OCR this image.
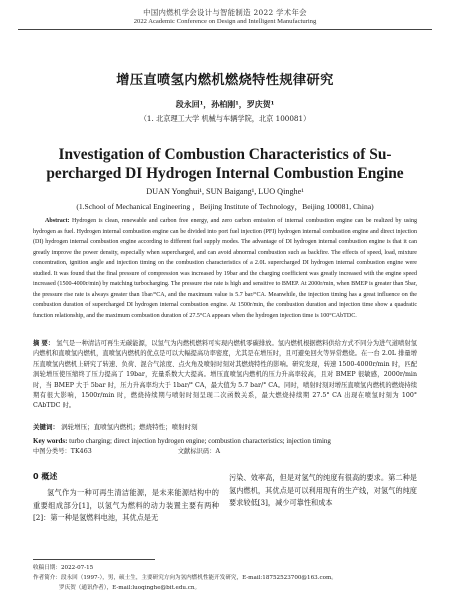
中国内燃机学会设计与智能制造 2022 学术年会
2022 Academic Conference on Design and Intelligent Manufacturing
增压直喷氢内燃机燃烧特性规律研究
段永回¹，孙柏刚¹，罗庆贺¹
（1. 北京理工大学 机械与车辆学院，北京 100081）
Investigation of Combustion Characteristics of Su-
percharged DI Hydrogen Internal Combustion Engine
DUAN Yonghui¹, SUN Baigang¹, LUO Qinghe¹
(1.School of Mechanical Engineering ，Beijing Institute of Technology，Beijing 100081, China)
Abstract: Hydrogen is clean, renewable and carbon free energy, and zero carbon emission of internal combustion engine can be realized by using hydrogen as fuel. Hydrogen internal combustion engine can be divided into port fuel injection (PFI) hydrogen internal combustion engine and direct injection (DI) hydrogen internal combustion engine according to different fuel supply modes. The advantage of DI hydrogen internal combustion engine is that it can greatly improve the power density, especially when supercharged, and can avoid abnormal combustion such as backfire. The effects of speed, load, mixture concentration, ignition angle and injection timing on the combustion characteristics of a 2.0L supercharged DI hydrogen internal combustion engine were studied. It was found that the final pressure of compression was increased by 19bar and the charging coefficient was greatly increased with the engine speed increased (1500-4000r/min) by matching turbocharging. The pressure rise rate is high and sensitive to BMEP. At 2000r/min, when BMEP is greater than 5bar, the pressure rise rate is always greater than 1bar/°CA, and the maximum value is 5.7 bar/°CA. Meanwhile, the injection timing has a great influence on the combustion duration of supercharged DI hydrogen internal combustion engine. At 1500r/min, the combustion duration and injection time show a quadratic function relationship, and the maximum combustion duration of 27.5°CA appears when the hydrogen injection time is 100°CAbTDC.
摘 要： 氢气是一种清洁可再生无碳能源，以氢气为内燃机燃料可实现内燃机零碳排放。氢内燃机根据燃料供给方式不同分为进气道喷射氢内燃机和直喷氢内燃机，直喷氢内燃机的优点是可以大幅提高功率密度，尤其是在增压时，且可避免回火等异常燃烧。在一台 2.0L 排量增压直喷氢内燃机上研究了转速、负荷、混合气浓度、点火角及喷射时刻对其燃烧特性的影响。研究发现，转速 1500-4000r/min 时，匹配涡轮增压使压缩终了压力提高了 19bar，充量系数大大提高。增压直喷氢内燃机的压力升高率较高，且对 BMEP 很敏感，2000r/min 时，当 BMEP 大于 5bar 时，压力升高率均大于 1bar/° CA，最大值为 5.7 bar/° CA。同时，喷射时刻对增压直喷氢内燃机的燃烧持续期有很大影响，1500r/min 时，燃烧持续期与喷射时刻呈现二次函数关系，最大燃烧持续期 27.5° CA 出现在喷氢时刻为 100° CAbTDC 时。
关键词： 涡轮增压；直喷氢内燃机；燃烧特性；喷射时刻
Key words: turbo charging; direct injection hydrogen engine; combustion characteristics; injection timing
中图分类号：TK463	文献标识码：A
0 概述
氢气作为一种可再生清洁能源，是未来能源结构中的重要组成部分[1]，以氢气为燃料的动力装置主要有两种[2]：第一种是氢燃料电池，其优点是无
污染、效率高，但是对氢气的纯度有很高的要求。第二种是氢内燃机，其优点是可以利用现有的生产线，对氢气的纯度要求较低[3]，减少可靠性和成本
收稿日期：2022-07-15
作者简介：段永回（1997-），男，硕士生，主要研究方向为氢内燃机性能开发研究，E-mail:18752523700@163.com。
罗庆贺（通讯作者），E-mail:luoqinghe@bit.edu.cn。
